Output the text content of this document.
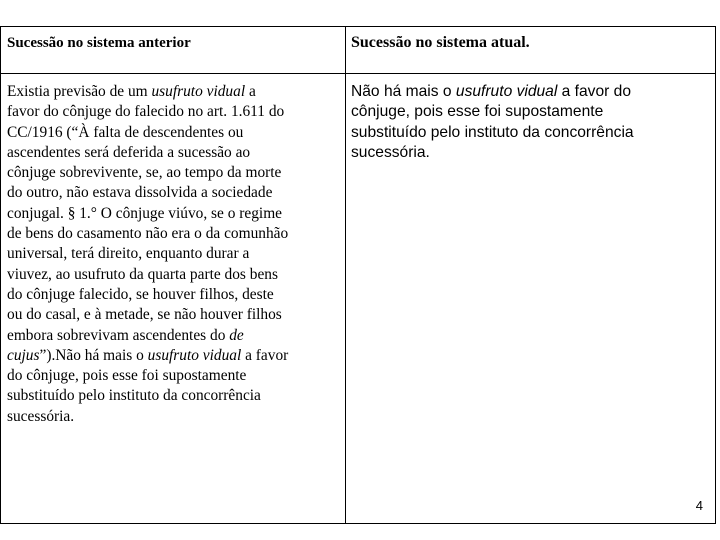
Sucessão no sistema anterior	Sucessão no sistema atual.
Existia previsão de um usufruto vidual a
favor do cônjuge do falecido no art. 1.611 do
CC/1916 (“À falta de descendentes ou
ascendentes será deferida a sucessão ao
cônjuge sobrevivente, se, ao tempo da morte
do outro, não estava dissolvida a sociedade
conjugal. § 1.° O cônjuge viúvo, se o regime
de bens do casamento não era o da comunhão
universal, terá direito, enquanto durar a
viuvez, ao usufruto da quarta parte dos bens
do cônjuge falecido, se houver filhos, deste
ou do casal, e à metade, se não houver filhos
embora sobrevivam ascendentes do de
cujus”).Não há mais o usufruto vidual a favor
do cônjuge, pois esse foi supostamente
substituído pelo instituto da concorrência
sucessória.
Não há mais o usufruto vidual a favor do
cônjuge, pois esse foi supostamente
substituído pelo instituto da concorrência
sucessória.
4
